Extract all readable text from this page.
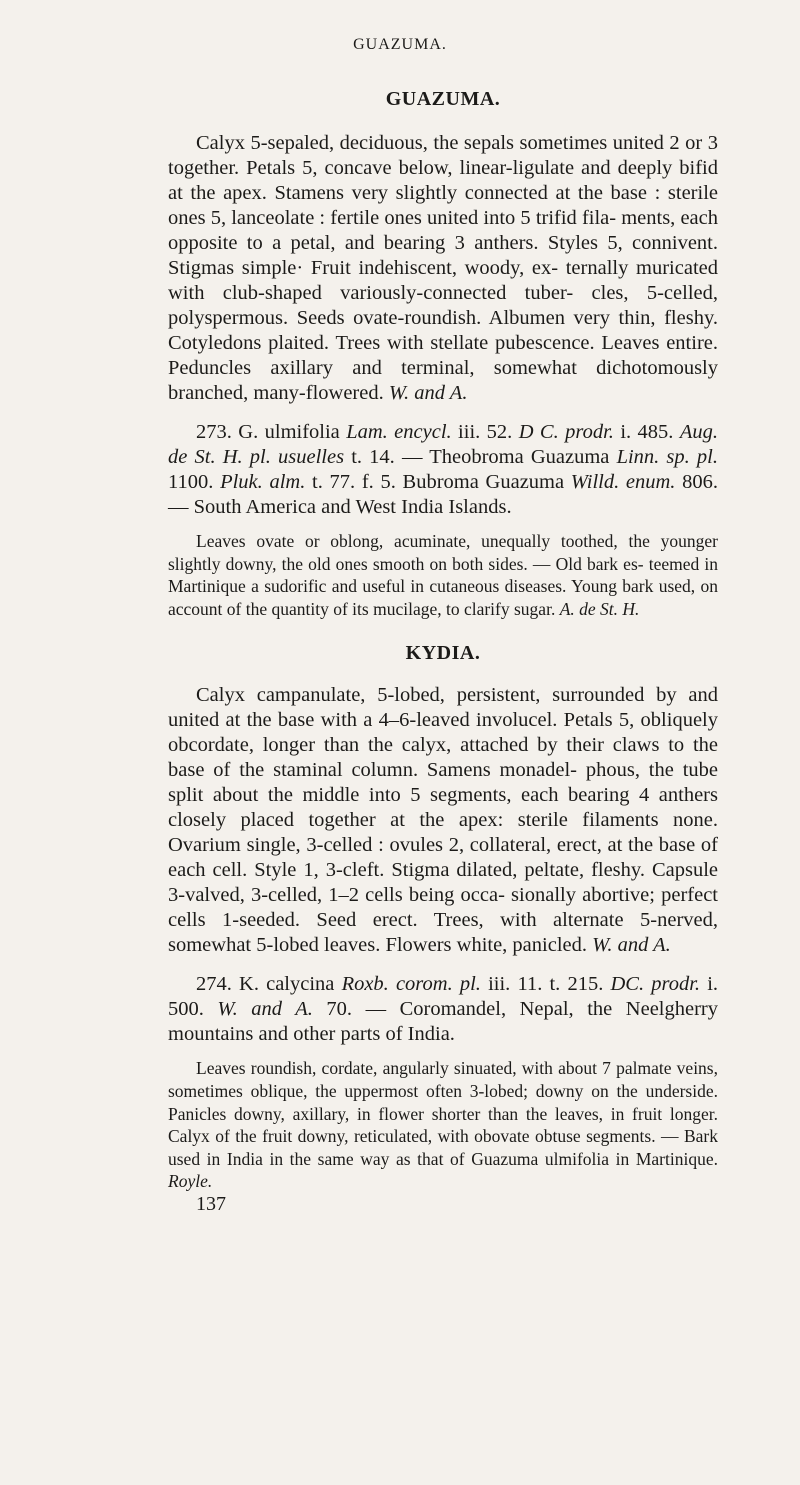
GUAZUMA.
GUAZUMA.

Calyx 5-sepaled, deciduous, the sepals sometimes united 2 or 3 together. Petals 5, concave below, linear-ligulate and deeply bifid at the apex. Stamens very slightly connected at the base : sterile ones 5, lanceolate : fertile ones united into 5 trifid fila- ments, each opposite to a petal, and bearing 3 anthers. Styles 5, connivent. Stigmas simple· Fruit indehiscent, woody, ex- ternally muricated with club-shaped variously-connected tuber- cles, 5-celled, polyspermous. Seeds ovate-roundish. Albumen very thin, fleshy. Cotyledons plaited. Trees with stellate pubescence. Leaves entire. Peduncles axillary and terminal, somewhat dichotomously branched, many-flowered. W. and A.

273. G. ulmifolia Lam. encycl. iii. 52. D C. prodr. i. 485. Aug. de St. H. pl. usuelles t. 14. — Theobroma Guazuma Linn. sp. pl. 1100. Pluk. alm. t. 77. f. 5. Bubroma Guazuma Willd. enum. 806. — South America and West India Islands.

Leaves ovate or oblong, acuminate, unequally toothed, the younger slightly downy, the old ones smooth on both sides. — Old bark es- teemed in Martinique a sudorific and useful in cutaneous diseases. Young bark used, on account of the quantity of its mucilage, to clarify sugar. A. de St. H.

KYDIA.

Calyx campanulate, 5-lobed, persistent, surrounded by and united at the base with a 4–6-leaved involucel. Petals 5, obliquely obcordate, longer than the calyx, attached by their claws to the base of the staminal column. Samens monadel- phous, the tube split about the middle into 5 segments, each bearing 4 anthers closely placed together at the apex: sterile filaments none. Ovarium single, 3-celled : ovules 2, collateral, erect, at the base of each cell. Style 1, 3-cleft. Stigma dilated, peltate, fleshy. Capsule 3-valved, 3-celled, 1–2 cells being occa- sionally abortive; perfect cells 1-seeded. Seed erect. Trees, with alternate 5-nerved, somewhat 5-lobed leaves. Flowers white, panicled. W. and A.

274. K. calycina Roxb. corom. pl. iii. 11. t. 215. DC. prodr. i. 500. W. and A. 70. — Coromandel, Nepal, the Neelgherry mountains and other parts of India.

Leaves roundish, cordate, angularly sinuated, with about 7 palmate veins, sometimes oblique, the uppermost often 3-lobed; downy on the underside. Panicles downy, axillary, in flower shorter than the leaves, in fruit longer. Calyx of the fruit downy, reticulated, with obovate obtuse segments. — Bark used in India in the same way as that of Guazuma ulmifolia in Martinique. Royle.

137
